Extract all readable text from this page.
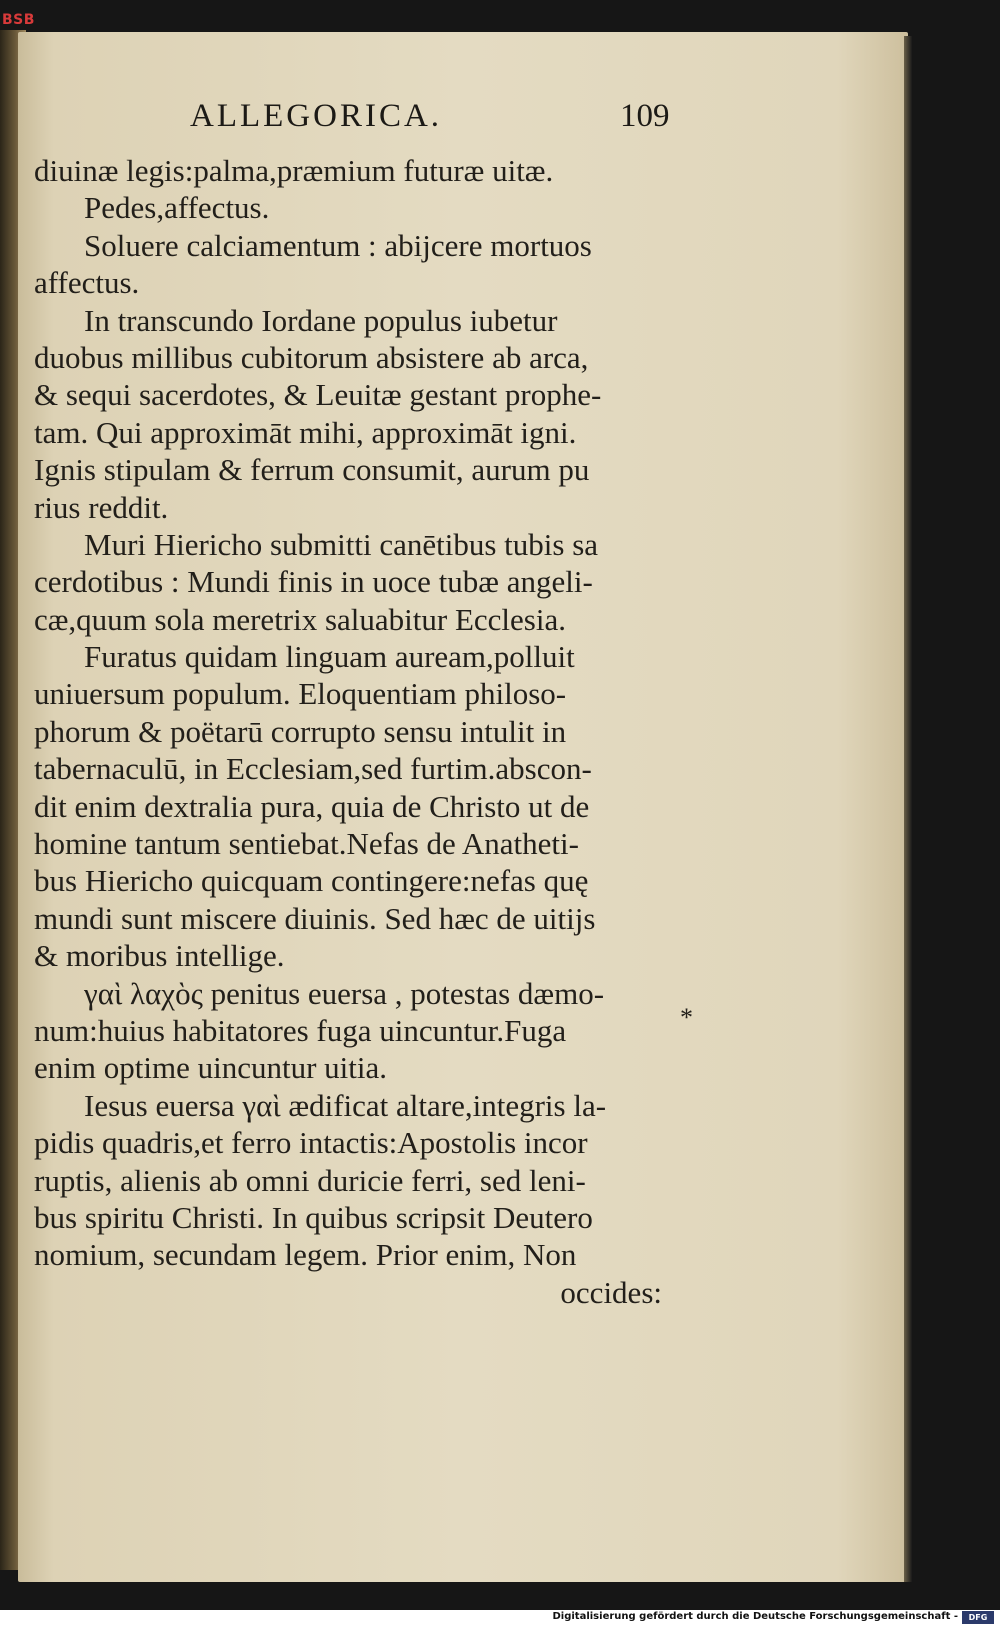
BSB
ALLEGORICA.	109
diuinæ legis:palma,præmium futuræ uitæ.
Pedes,affectus.
Soluere calciamentum : abijcere mortuos
affectus.
In transcundo Iordane populus iubetur
duobus millibus cubitorum absistere ab arca,
& sequi sacerdotes, & Leuitæ gestant prophe-
tam. Qui approximāt mihi, approximāt igni.
Ignis stipulam & ferrum consumit, aurum pu
rius reddit.
Muri Hiericho submitti canētibus tubis sa
cerdotibus : Mundi finis in uoce tubæ angeli-
cæ,quum sola meretrix saluabitur Ecclesia.
Furatus quidam linguam auream,polluit
uniuersum populum. Eloquentiam philoso-
phorum & poëtarū corrupto sensu intulit in
tabernaculū, in Ecclesiam,sed furtim.abscon-
dit enim dextralia pura, quia de Christo ut de
homine tantum sentiebat.Nefas de Anatheti-
bus Hiericho quicquam contingere:nefas quę
mundi sunt miscere diuinis. Sed hæc de uitijs
& moribus intellige.
γαὶ λαχὸς penitus euersa , potestas dæmo-
num:huius habitatores fuga uincuntur.Fuga
enim optime uincuntur uitia.
Iesus euersa γαὶ ædificat altare,integris la-
pidis quadris,et ferro intactis:Apostolis incor
ruptis, alienis ab omni duricie ferri, sed leni-
bus spiritu Christi. In quibus scripsit Deutero
nomium, secundam legem. Prior enim, Non
occides:
*
Digitalisierung gefördert durch die Deutsche Forschungsgemeinschaft -	DFG
